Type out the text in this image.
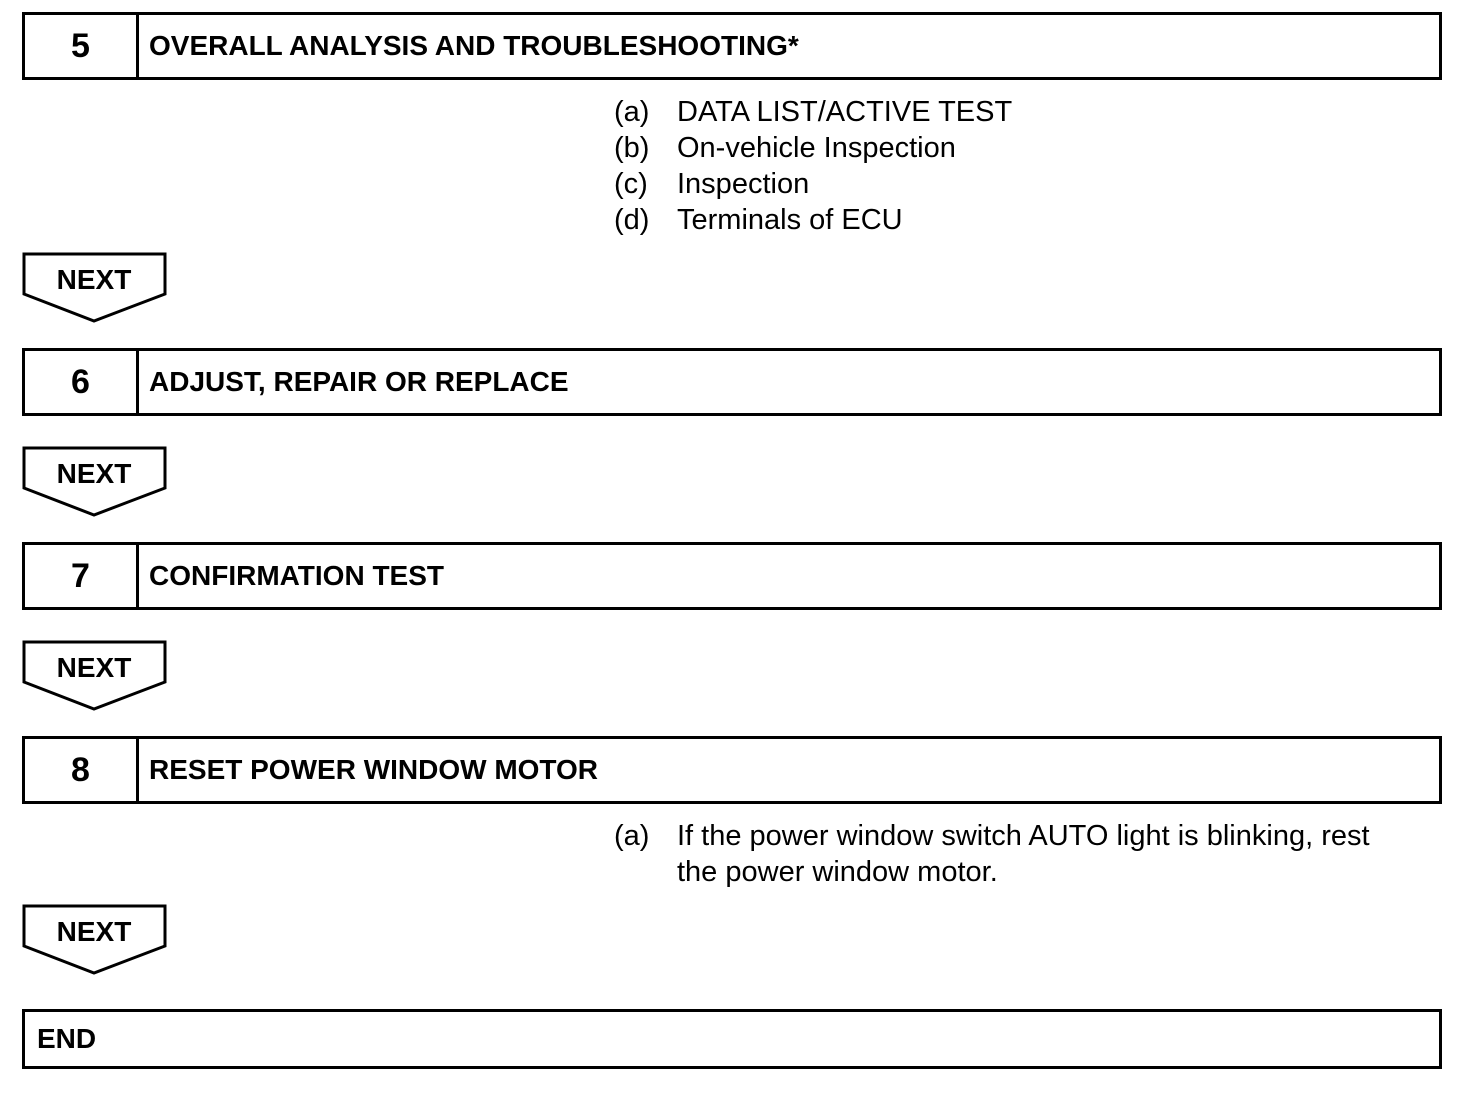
5	OVERALL ANALYSIS AND TROUBLESHOOTING*
(a) DATA LIST/ACTIVE TEST
(b) On-vehicle Inspection
(c)	Inspection
(d) Terminals of ECU
NEXT
6	ADJUST, REPAIR OR REPLACE
NEXT
7	CONFIRMATION TEST
NEXT
8	RESET POWER WINDOW MOTOR
(a) If the power window switch AUTO light is blinking, rest the power window motor.
NEXT
END
